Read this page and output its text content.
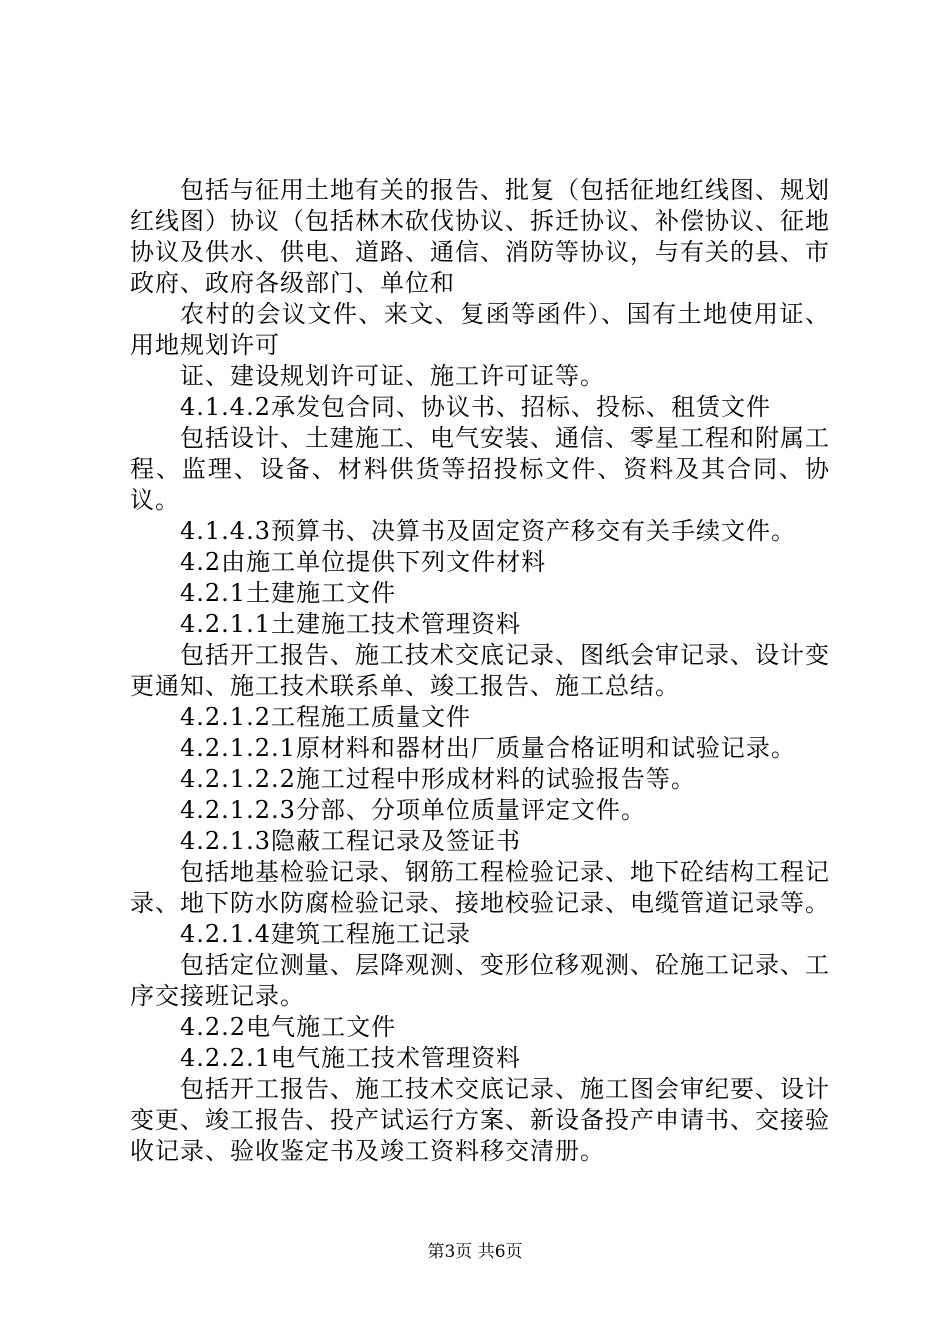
包括与征用土地有关的报告、批复（包括征地红线图、规划红线图）协议（包括林木砍伐协议、拆迁协议、补偿协议、征地协议及供水、供电、道路、通信、消防等协议，与有关的县、市政府、政府各级部门、单位和

农村的会议文件、来文、复函等函件）、国有土地使用证、用地规划许可

证、建设规划许可证、施工许可证等。

4.1.4.2承发包合同、协议书、招标、投标、租赁文件

包括设计、土建施工、电气安装、通信、零星工程和附属工程、监理、设备、材料供货等招投标文件、资料及其合同、协议。

4.1.4.3预算书、决算书及固定资产移交有关手续文件。

4.2由施工单位提供下列文件材料

4.2.1土建施工文件

4.2.1.1土建施工技术管理资料

包括开工报告、施工技术交底记录、图纸会审记录、设计变更通知、施工技术联系单、竣工报告、施工总结。

4.2.1.2工程施工质量文件

4.2.1.2.1原材料和器材出厂质量合格证明和试验记录。

4.2.1.2.2施工过程中形成材料的试验报告等。

4.2.1.2.3分部、分项单位质量评定文件。

4.2.1.3隐蔽工程记录及签证书

包括地基检验记录、钢筋工程检验记录、地下砼结构工程记录、地下防水防腐检验记录、接地校验记录、电缆管道记录等。

4.2.1.4建筑工程施工记录

包括定位测量、层降观测、变形位移观测、砼施工记录、工序交接班记录。

4.2.2电气施工文件

4.2.2.1电气施工技术管理资料

包括开工报告、施工技术交底记录、施工图会审纪要、设计变更、竣工报告、投产试运行方案、新设备投产申请书、交接验收记录、验收鉴定书及竣工资料移交清册。

第3页 共6页
